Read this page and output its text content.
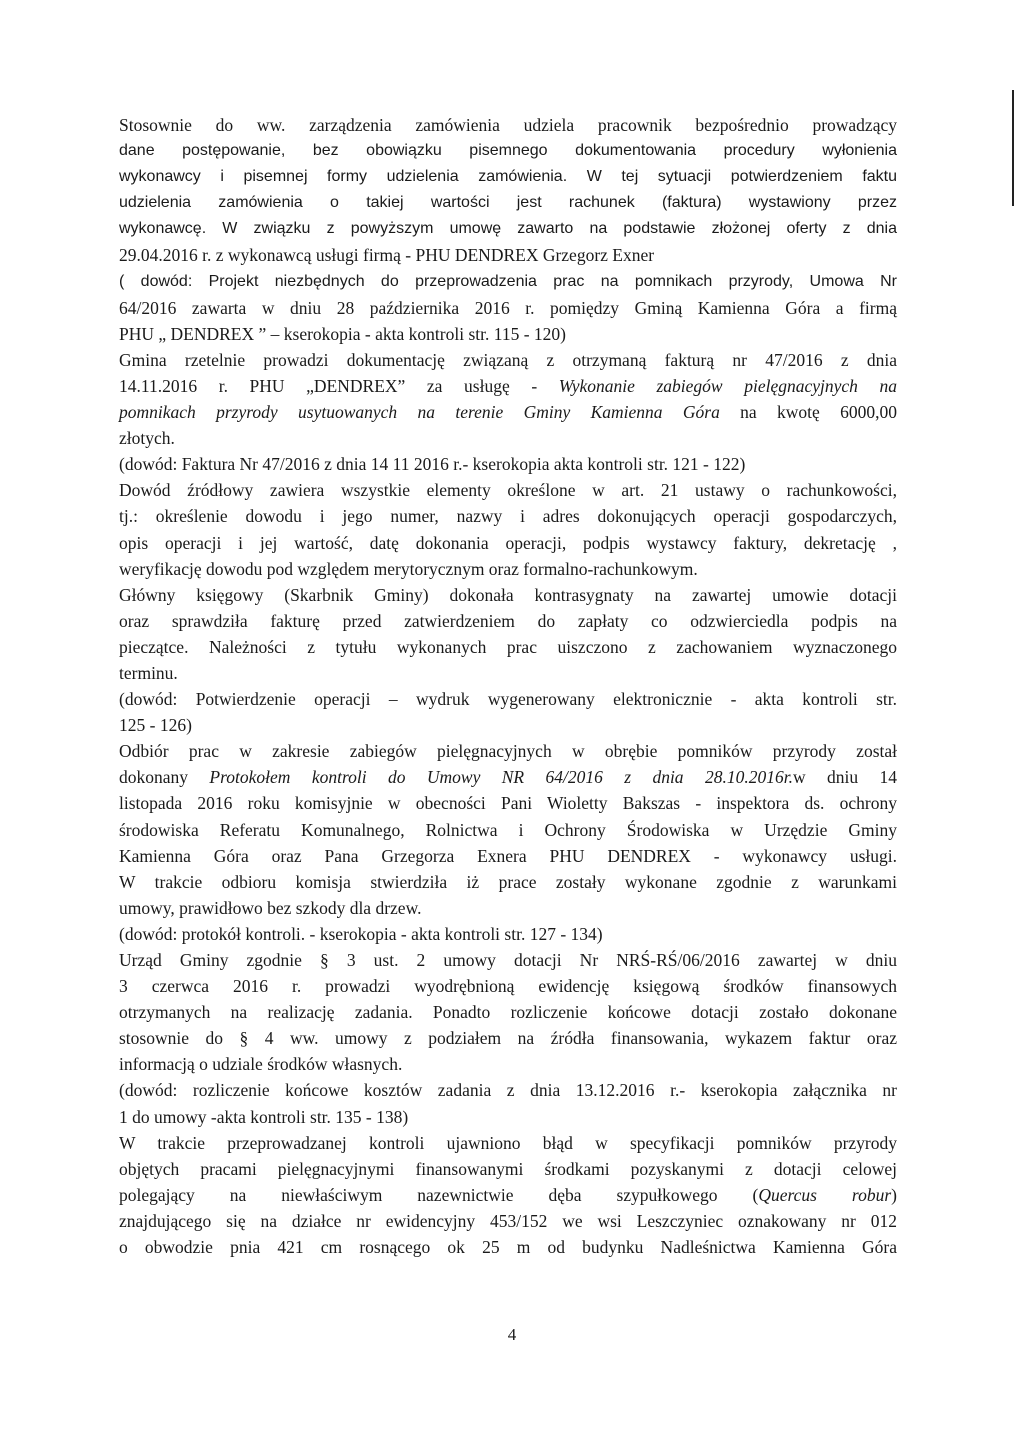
Stosownie do ww. zarządzenia zamówienia udziela pracownik bezpośrednio prowadzący
dane postępowanie, bez obowiązku pisemnego dokumentowania procedury wyłonienia
wykonawcy i pisemnej formy udzielenia zamówienia. W tej sytuacji potwierdzeniem faktu
udzielenia zamówienia o takiej wartości jest rachunek (faktura) wystawiony przez
wykonawcę. W związku z powyższym umowę zawarto na podstawie złożonej oferty z dnia
29.04.2016 r. z wykonawcą usługi firmą - PHU DENDREX Grzegorz Exner
( dowód: Projekt niezbędnych do przeprowadzenia prac na pomnikach przyrody, Umowa Nr
64/2016 zawarta w dniu 28 października 2016 r. pomiędzy Gminą Kamienna Góra a firmą
PHU „ DENDREX ” – kserokopia - akta kontroli str. 115 - 120)
Gmina rzetelnie prowadzi dokumentację związaną z otrzymaną fakturą nr 47/2016 z dnia
14.11.2016 r. PHU „DENDREX” za usługę - Wykonanie zabiegów pielęgnacyjnych na
pomnikach przyrody usytuowanych na terenie Gminy Kamienna Góra na kwotę 6000,00
złotych.
(dowód: Faktura Nr 47/2016 z dnia 14 11 2016 r.- kserokopia akta kontroli str. 121 - 122)
Dowód źródłowy zawiera wszystkie elementy określone w art. 21 ustawy o rachunkowości,
tj.: określenie dowodu i jego numer, nazwy i adres dokonujących operacji gospodarczych,
opis operacji i jej wartość, datę dokonania operacji, podpis wystawcy faktury, dekretację ,
weryfikację dowodu pod względem merytorycznym oraz formalno-rachunkowym.
Główny księgowy (Skarbnik Gminy) dokonała kontrasygnaty na zawartej umowie dotacji
oraz sprawdziła fakturę przed zatwierdzeniem do zapłaty co odzwierciedla podpis na
pieczątce. Należności z tytułu wykonanych prac uiszczono z zachowaniem wyznaczonego
terminu.
(dowód: Potwierdzenie operacji – wydruk wygenerowany elektronicznie - akta kontroli str.
125 - 126)
Odbiór prac w zakresie zabiegów pielęgnacyjnych w obrębie pomników przyrody został
dokonany Protokołem kontroli do Umowy NR 64/2016 z dnia 28.10.2016r.w dniu 14
listopada 2016 roku komisyjnie w obecności Pani Wioletty Bakszas - inspektora ds. ochrony
środowiska Referatu Komunalnego, Rolnictwa i Ochrony Środowiska w Urzędzie Gminy
Kamienna Góra oraz Pana Grzegorza Exnera PHU DENDREX - wykonawcy usługi.
W trakcie odbioru komisja stwierdziła iż prace zostały wykonane zgodnie z warunkami
umowy, prawidłowo bez szkody dla drzew.
(dowód: protokół kontroli. - kserokopia - akta kontroli str. 127 - 134)
Urząd Gminy zgodnie § 3 ust. 2 umowy dotacji Nr NRŚ-RŚ/06/2016 zawartej w dniu
3 czerwca 2016 r. prowadzi wyodrębnioną ewidencję księgową środków finansowych
otrzymanych na realizację zadania. Ponadto rozliczenie końcowe dotacji zostało dokonane
stosownie do § 4 ww. umowy z podziałem na źródła finansowania, wykazem faktur oraz
informacją o udziale środków własnych.
(dowód: rozliczenie końcowe kosztów zadania z dnia 13.12.2016 r.- kserokopia załącznika nr
1 do umowy -akta kontroli str. 135 - 138)
W trakcie przeprowadzanej kontroli ujawniono błąd w specyfikacji pomników przyrody
objętych pracami pielęgnacyjnymi finansowanymi środkami pozyskanymi z dotacji celowej
polegający na niewłaściwym nazewnictwie dęba szypułkowego (Quercus robur)
znajdującego się na działce nr ewidencyjny 453/152 we wsi Leszczyniec oznakowany nr 012
o obwodzie pnia 421 cm rosnącego ok 25 m od budynku Nadleśnictwa Kamienna Góra
4
